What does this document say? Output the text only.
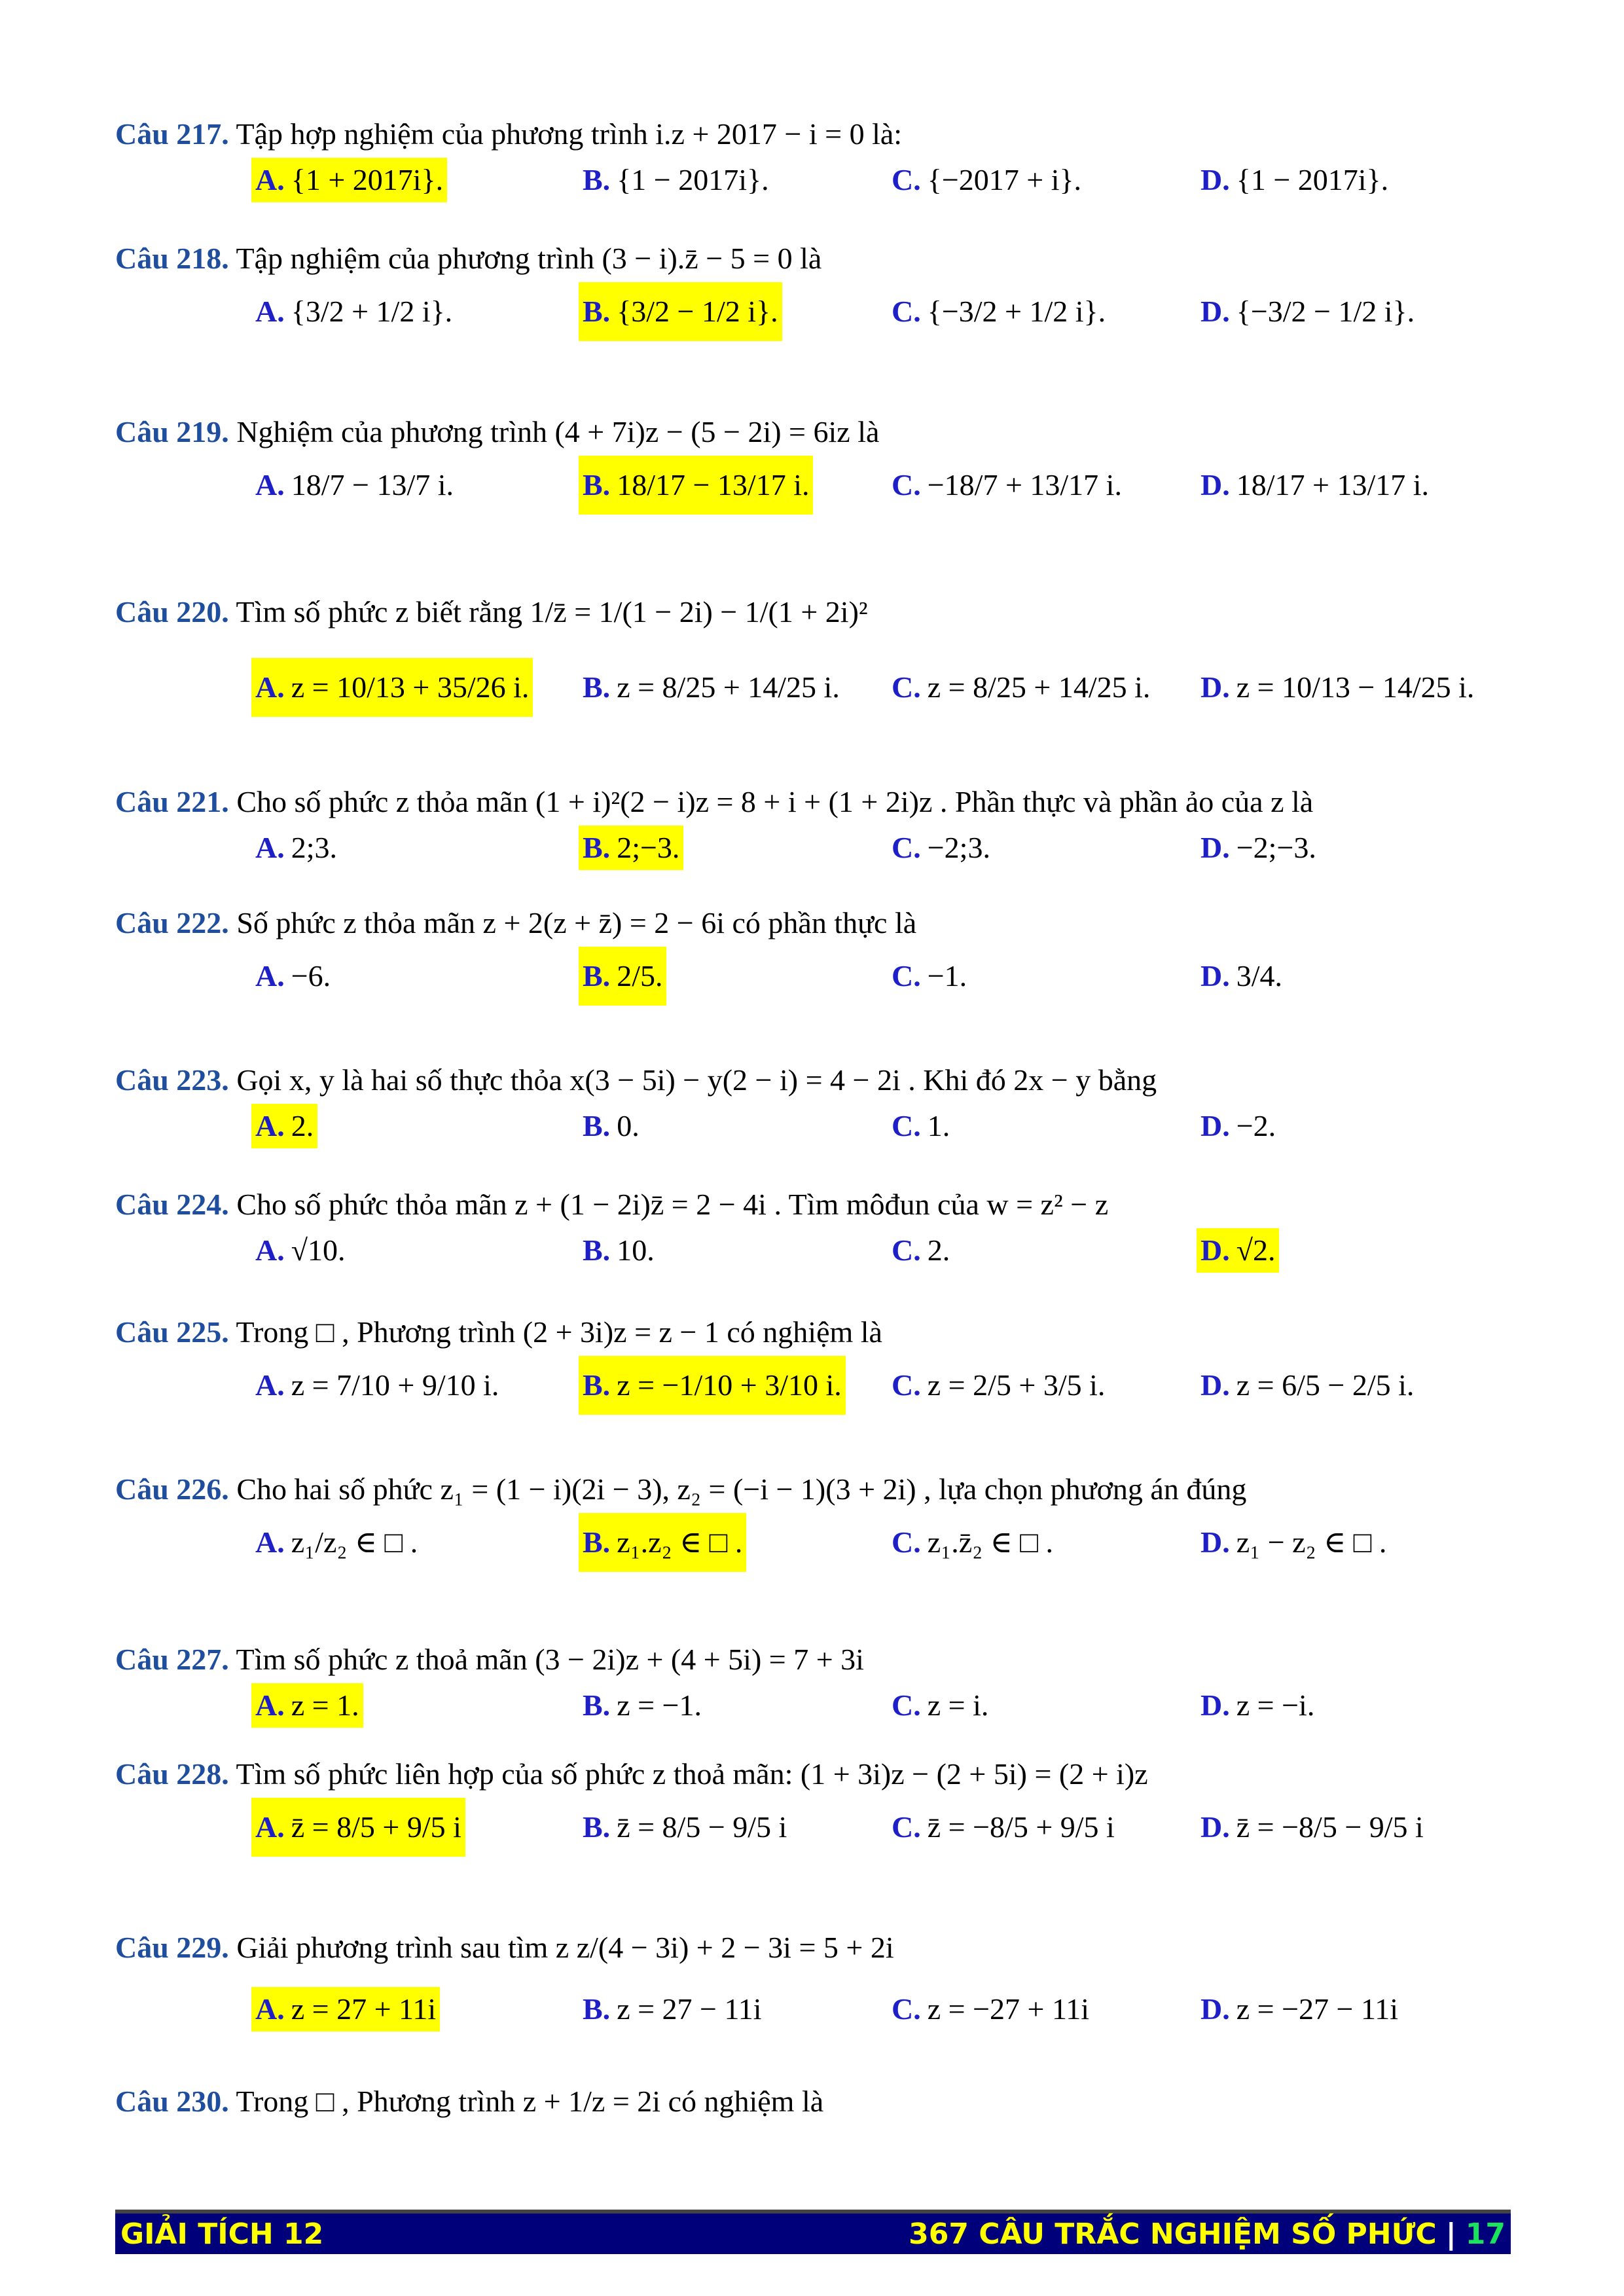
Câu 217. Tập hợp nghiệm của phương trình i.z + 2017 − i = 0 là:
A. {1 + 2017i}.	B. {1 − 2017i}.	C. {−2017 + i}.	D. {1 − 2017i}.
Câu 218. Tập nghiệm của phương trình (3 − i).z̄ − 5 = 0 là
A. {3/2 + 1/2 i}.	B. {3/2 − 1/2 i}.	C. {−3/2 + 1/2 i}.	D. {−3/2 − 1/2 i}.
Câu 219. Nghiệm của phương trình (4 + 7i)z − (5 − 2i) = 6iz là
A. 18/7 − 13/7 i.	B. 18/17 − 13/17 i.	C. −18/7 + 13/17 i.	D. 18/17 + 13/17 i.
Câu 220. Tìm số phức z biết rằng 1/z̄ = 1/(1 − 2i) − 1/(1 + 2i)²
A. z = 10/13 + 35/26 i. B. z = 8/25 + 14/25 i. C. z = 8/25 + 14/25 i. D. z = 10/13 − 14/25 i.
Câu 221. Cho số phức z thỏa mãn (1 + i)²(2 − i)z = 8 + i + (1 + 2i)z . Phần thực và phần ảo của z là
A. 2;3.	B. 2;−3.	C. −2;3.	D. −2;−3.
Câu 222. Số phức z thỏa mãn z + 2(z + z̄) = 2 − 6i có phần thực là
A. −6.	B. 2/5.	C. −1.	D. 3/4.
Câu 223. Gọi x, y là hai số thực thỏa x(3 − 5i) − y(2 − i) = 4 − 2i . Khi đó 2x − y bằng
A. 2.	B. 0.	C. 1.	D. −2.
Câu 224. Cho số phức thỏa mãn z + (1 − 2i)z̄ = 2 − 4i . Tìm môđun của w = z² − z
A. √10.	B. 10.	C. 2.	D. √2.
Câu 225. Trong □ , Phương trình (2 + 3i)z = z − 1 có nghiệm là
A. z = 7/10 + 9/10 i.	B. z = −1/10 + 3/10 i. C. z = 2/5 + 3/5 i.	D. z = 6/5 − 2/5 i.
Câu 226. Cho hai số phức z₁ = (1 − i)(2i − 3), z₂ = (−i − 1)(3 + 2i) , lựa chọn phương án đúng
A. z₁/z₂ ∈ □ .	B. z₁.z₂ ∈ □ .	C. z₁.z̄₂ ∈ □ .	D. z₁ − z₂ ∈ □ .
Câu 227. Tìm số phức z thoả mãn (3 − 2i)z + (4 + 5i) = 7 + 3i
A. z = 1.	B. z = −1.	C. z = i.	D. z = −i.
Câu 228. Tìm số phức liên hợp của số phức z thoả mãn: (1 + 3i)z − (2 + 5i) = (2 + i)z
A. z̄ = 8/5 + 9/5 i	B. z̄ = 8/5 − 9/5 i	C. z̄ = −8/5 + 9/5 i	D. z̄ = −8/5 − 9/5 i
Câu 229. Giải phương trình sau tìm z z/(4 − 3i) + 2 − 3i = 5 + 2i
A. z = 27 + 11i	B. z = 27 − 11i	C. z = −27 + 11i	D. z = −27 − 11i
Câu 230. Trong □ , Phương trình z + 1/z = 2i có nghiệm là
GIẢI TÍCH 12	367 CÂU TRẮC NGHIỆM SỐ PHỨC | 17
